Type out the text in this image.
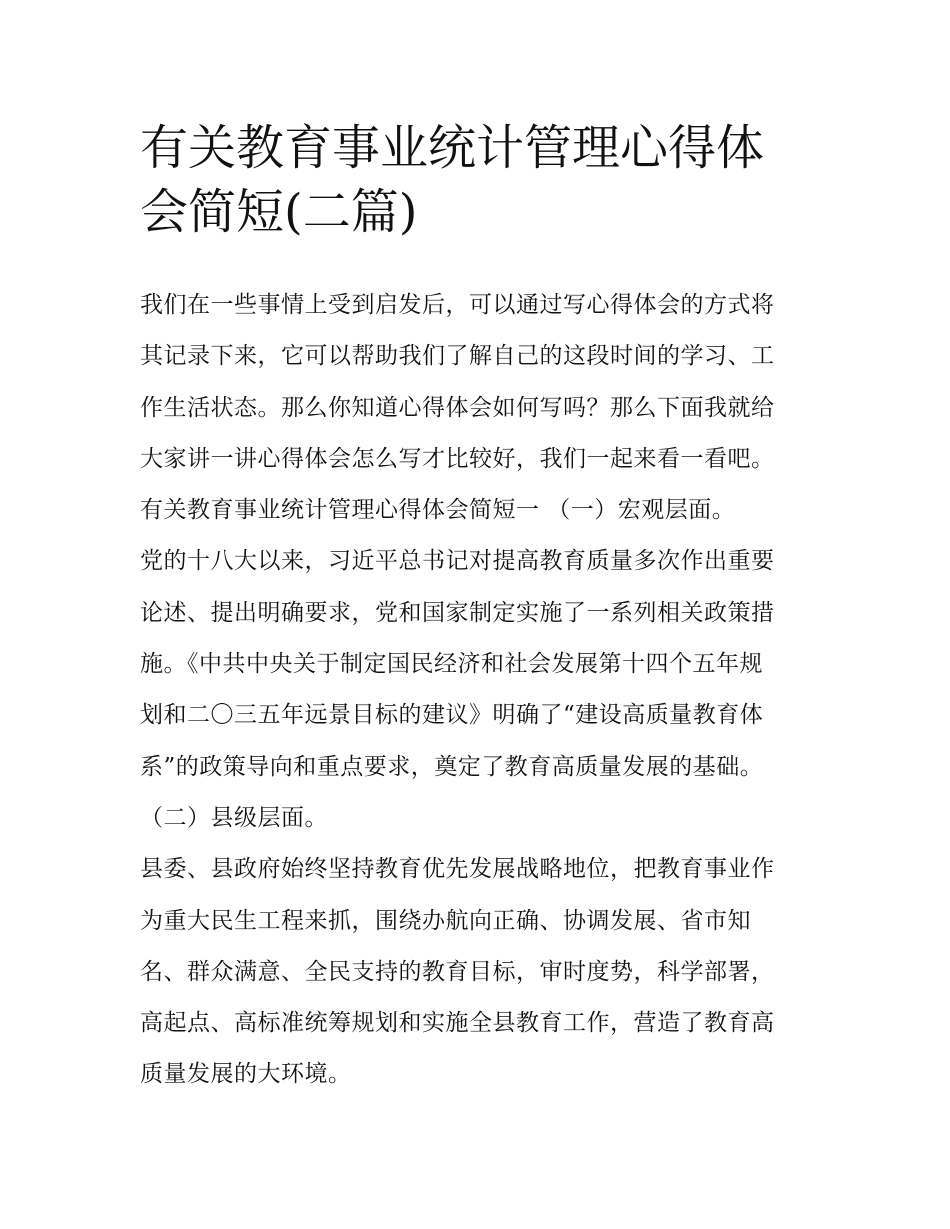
有关教育事业统计管理心得体
会简短(二篇)
我们在一些事情上受到启发后，可以通过写心得体会的方式将
其记录下来，它可以帮助我们了解自己的这段时间的学习、工
作生活状态。那么你知道心得体会如何写吗？那么下面我就给
大家讲一讲心得体会怎么写才比较好，我们一起来看一看吧。
有关教育事业统计管理心得体会简短一 （一）宏观层面。
党的十八大以来，习近平总书记对提高教育质量多次作出重要
论述、提出明确要求，党和国家制定实施了一系列相关政策措
施。《中共中央关于制定国民经济和社会发展第十四个五年规
划和二〇三五年远景目标的建议》明确了“建设高质量教育体
系”的政策导向和重点要求，奠定了教育高质量发展的基础。
（二）县级层面。
县委、县政府始终坚持教育优先发展战略地位，把教育事业作
为重大民生工程来抓，围绕办航向正确、协调发展、省市知
名、群众满意、全民支持的教育目标，审时度势，科学部署，
高起点、高标准统筹规划和实施全县教育工作，营造了教育高
质量发展的大环境。
